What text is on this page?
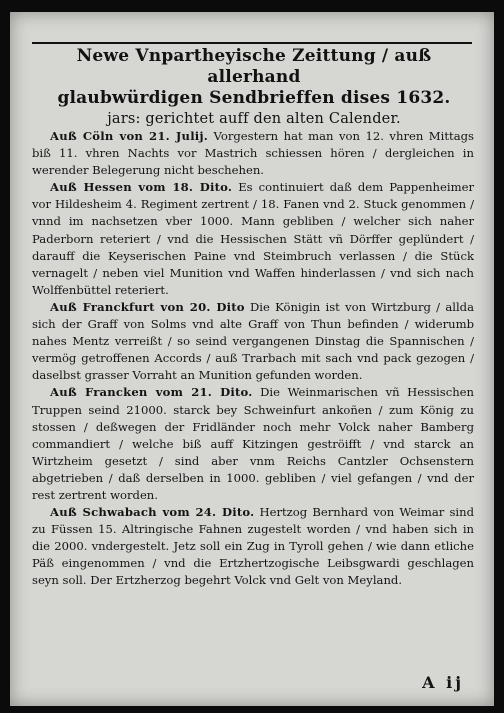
Newe Vnpartheyische Zeittung / auß allerhand
glaubwürdigen Sendbrieffen dises 1632.
jars: gerichtet auff den alten Calender.

Auß Cöln von 21. Julij. Vorgestern hat man von 12. vhren Mittags biß 11. vhren Nachts vor Mastrich schiessen hören / dergleichen in werender Belegerung nicht beschehen.

Auß Hessen vom 18. Dito. Es continuiert daß dem Pappenheimer vor Hildesheim 4. Regiment zertrent / 18. Fanen vnd 2. Stuck genommen / vnnd im nachsetzen vber 1000. Mann gebliben / welcher sich naher Paderborn reteriert / vnd die Hessischen Stätt vñ Dörffer geplündert / darauff die Keyserischen Paine vnd Steimbruch verlassen / die Stück vernagelt / neben viel Munition vnd Waffen hinderlassen / vnd sich nach Wolffenbüttel reteriert.

Auß Franckfurt von 20. Dito Die Königin ist von Wirtzburg / allda sich der Graff von Solms vnd alte Graff von Thun befinden / widerumb nahes Mentz verreißt / so seind vergangenen Dinstag die Spannischen / vermög getroffenen Accords / auß Trarbach mit sach vnd pack gezogen / daselbst grasser Vorraht an Munition gefunden worden.

Auß Francken vom 21. Dito. Die Weinmarischen vñ Hessischen Truppen seind 21000. starck bey Schweinfurt ankoñen / zum König zu stossen / deßwegen der Fridländer noch mehr Volck naher Bamberg commandiert / welche biß auff Kitzingen geströifft / vnd starck an Wirtzheim gesetzt / sind aber vnm Reichs Cantzler Ochsenstern abgetrieben / daß derselben in 1000. gebliben / viel gefangen / vnd der rest zertrent worden.

Auß Schwabach vom 24. Dito. Hertzog Bernhard von Weimar sind zu Füssen 15. Altringische Fahnen zugestelt worden / vnd haben sich in die 2000. vndergestelt. Jetz soll ein Zug in Tyroll gehen / wie dann etliche Päß eingenommen / vnd die Ertzhertzogische Leibsgwardi geschlagen seyn soll. Der Ertzherzog begehrt Volck vnd Gelt von Meyland.

A ij
